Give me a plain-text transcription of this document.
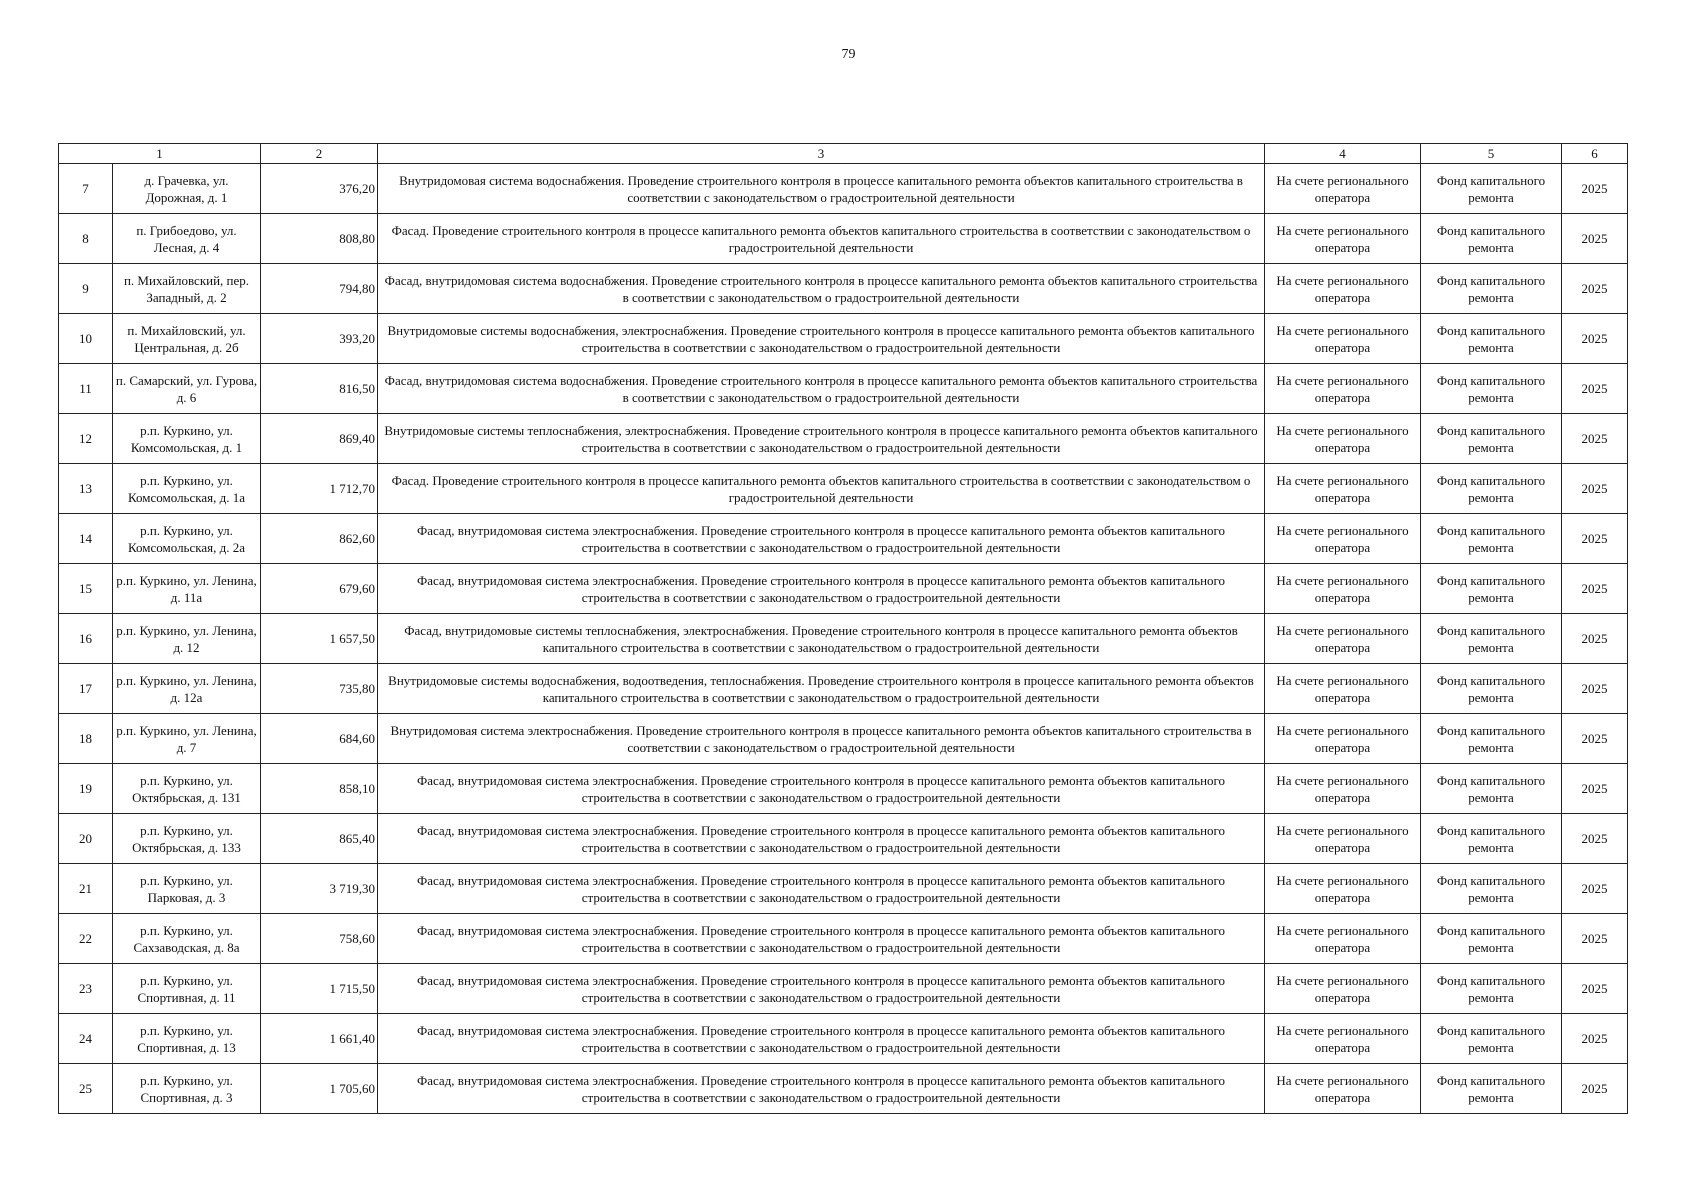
79
1		2	3	4	5	6
7	д. Грачевка, ул. Дорожная, д. 1	376,20	Внутридомовая система водоснабжения. Проведение строительного контроля в процессе капитального ремонта объектов капитального строительства в соответствии с законодательством о градостроительной деятельности	На счете регионального оператора	Фонд капитального ремонта	2025
8	п. Грибоедово, ул. Лесная, д. 4	808,80	Фасад. Проведение строительного контроля в процессе капитального ремонта объектов капитального строительства в соответствии с законодательством о градостроительной деятельности	На счете регионального оператора	Фонд капитального ремонта	2025
9	п. Михайловский, пер. Западный, д. 2	794,80	Фасад, внутридомовая система водоснабжения. Проведение строительного контроля в процессе капитального ремонта объектов капитального строительства в соответствии с законодательством о градостроительной деятельности	На счете регионального оператора	Фонд капитального ремонта	2025
10	п. Михайловский, ул. Центральная, д. 2б	393,20	Внутридомовые системы водоснабжения, электроснабжения. Проведение строительного контроля в процессе капитального ремонта объектов капитального строительства в соответствии с законодательством о градостроительной деятельности	На счете регионального оператора	Фонд капитального ремонта	2025
11	п. Самарский, ул. Гурова, д. 6	816,50	Фасад, внутридомовая система водоснабжения. Проведение строительного контроля в процессе капитального ремонта объектов капитального строительства в соответствии с законодательством о градостроительной деятельности	На счете регионального оператора	Фонд капитального ремонта	2025
12	р.п. Куркино, ул. Комсомольская, д. 1	869,40	Внутридомовые системы теплоснабжения, электроснабжения. Проведение строительного контроля в процессе капитального ремонта объектов капитального строительства в соответствии с законодательством о градостроительной деятельности	На счете регионального оператора	Фонд капитального ремонта	2025
13	р.п. Куркино, ул. Комсомольская, д. 1а	1 712,70	Фасад. Проведение строительного контроля в процессе капитального ремонта объектов капитального строительства в соответствии с законодательством о градостроительной деятельности	На счете регионального оператора	Фонд капитального ремонта	2025
14	р.п. Куркино, ул. Комсомольская, д. 2а	862,60	Фасад, внутридомовая система электроснабжения. Проведение строительного контроля в процессе капитального ремонта объектов капитального строительства в соответствии с законодательством о градостроительной деятельности	На счете регионального оператора	Фонд капитального ремонта	2025
15	р.п. Куркино, ул. Ленина, д. 11а	679,60	Фасад, внутридомовая система электроснабжения. Проведение строительного контроля в процессе капитального ремонта объектов капитального строительства в соответствии с законодательством о градостроительной деятельности	На счете регионального оператора	Фонд капитального ремонта	2025
16	р.п. Куркино, ул. Ленина, д. 12	1 657,50	Фасад, внутридомовые системы теплоснабжения, электроснабжения. Проведение строительного контроля в процессе капитального ремонта объектов капитального строительства в соответствии с законодательством о градостроительной деятельности	На счете регионального оператора	Фонд капитального ремонта	2025
17	р.п. Куркино, ул. Ленина, д. 12а	735,80	Внутридомовые системы водоснабжения, водоотведения, теплоснабжения. Проведение строительного контроля в процессе капитального ремонта объектов капитального строительства в соответствии с законодательством о градостроительной деятельности	На счете регионального оператора	Фонд капитального ремонта	2025
18	р.п. Куркино, ул. Ленина, д. 7	684,60	Внутридомовая система электроснабжения. Проведение строительного контроля в процессе капитального ремонта объектов капитального строительства в соответствии с законодательством о градостроительной деятельности	На счете регионального оператора	Фонд капитального ремонта	2025
19	р.п. Куркино, ул. Октябрьская, д. 131	858,10	Фасад, внутридомовая система электроснабжения. Проведение строительного контроля в процессе капитального ремонта объектов капитального строительства в соответствии с законодательством о градостроительной деятельности	На счете регионального оператора	Фонд капитального ремонта	2025
20	р.п. Куркино, ул. Октябрьская, д. 133	865,40	Фасад, внутридомовая система электроснабжения. Проведение строительного контроля в процессе капитального ремонта объектов капитального строительства в соответствии с законодательством о градостроительной деятельности	На счете регионального оператора	Фонд капитального ремонта	2025
21	р.п. Куркино, ул. Парковая, д. 3	3 719,30	Фасад, внутридомовая система электроснабжения. Проведение строительного контроля в процессе капитального ремонта объектов капитального строительства в соответствии с законодательством о градостроительной деятельности	На счете регионального оператора	Фонд капитального ремонта	2025
22	р.п. Куркино, ул. Сахзаводская, д. 8а	758,60	Фасад, внутридомовая система электроснабжения. Проведение строительного контроля в процессе капитального ремонта объектов капитального строительства в соответствии с законодательством о градостроительной деятельности	На счете регионального оператора	Фонд капитального ремонта	2025
23	р.п. Куркино, ул. Спортивная, д. 11	1 715,50	Фасад, внутридомовая система электроснабжения. Проведение строительного контроля в процессе капитального ремонта объектов капитального строительства в соответствии с законодательством о градостроительной деятельности	На счете регионального оператора	Фонд капитального ремонта	2025
24	р.п. Куркино, ул. Спортивная, д. 13	1 661,40	Фасад, внутридомовая система электроснабжения. Проведение строительного контроля в процессе капитального ремонта объектов капитального строительства в соответствии с законодательством о градостроительной деятельности	На счете регионального оператора	Фонд капитального ремонта	2025
25	р.п. Куркино, ул. Спортивная, д. 3	1 705,60	Фасад, внутридомовая система электроснабжения. Проведение строительного контроля в процессе капитального ремонта объектов капитального строительства в соответствии с законодательством о градостроительной деятельности	На счете регионального оператора	Фонд капитального ремонта	2025
